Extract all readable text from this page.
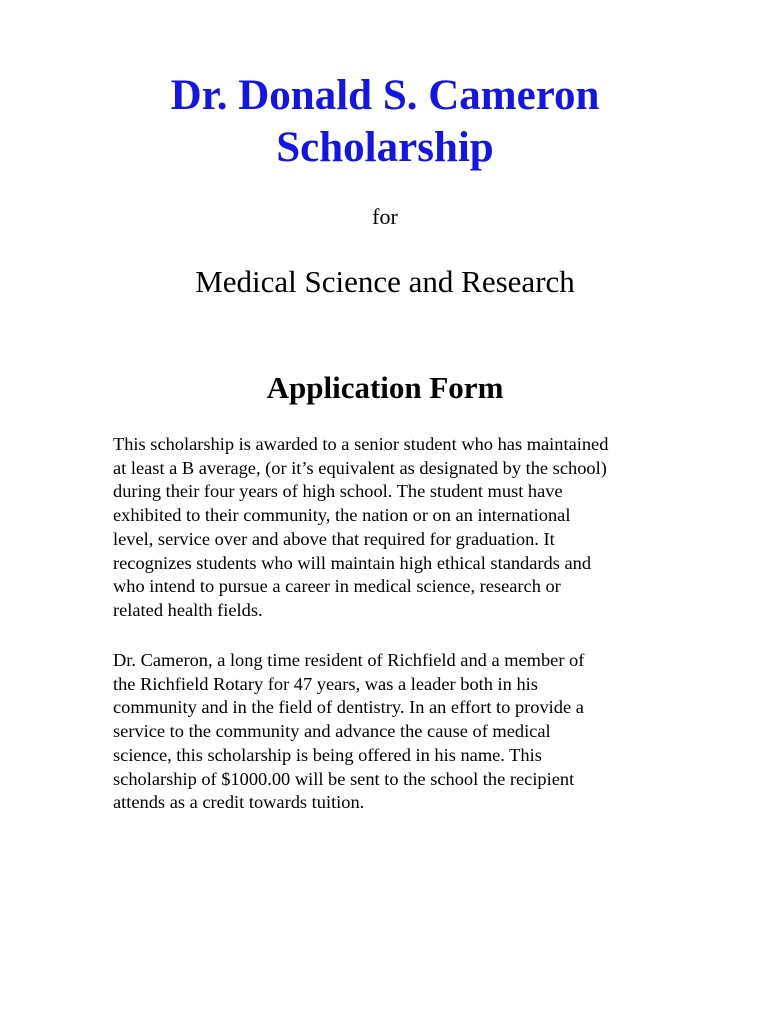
Dr. Donald S. Cameron
Scholarship

for

Medical Science and Research

Application Form

This scholarship is awarded to a senior student who has maintained
at least a B average, (or it’s equivalent as designated by the school)
during their four years of high school. The student must have
exhibited to their community, the nation or on an international
level, service over and above that required for graduation. It
recognizes students who will maintain high ethical standards and
who intend to pursue a career in medical science, research or
related health fields.

Dr. Cameron, a long time resident of Richfield and a member of
the Richfield Rotary for 47 years, was a leader both in his
community and in the field of dentistry. In an effort to provide a
service to the community and advance the cause of medical
science, this scholarship is being offered in his name. This
scholarship of $1000.00 will be sent to the school the recipient
attends as a credit towards tuition.
